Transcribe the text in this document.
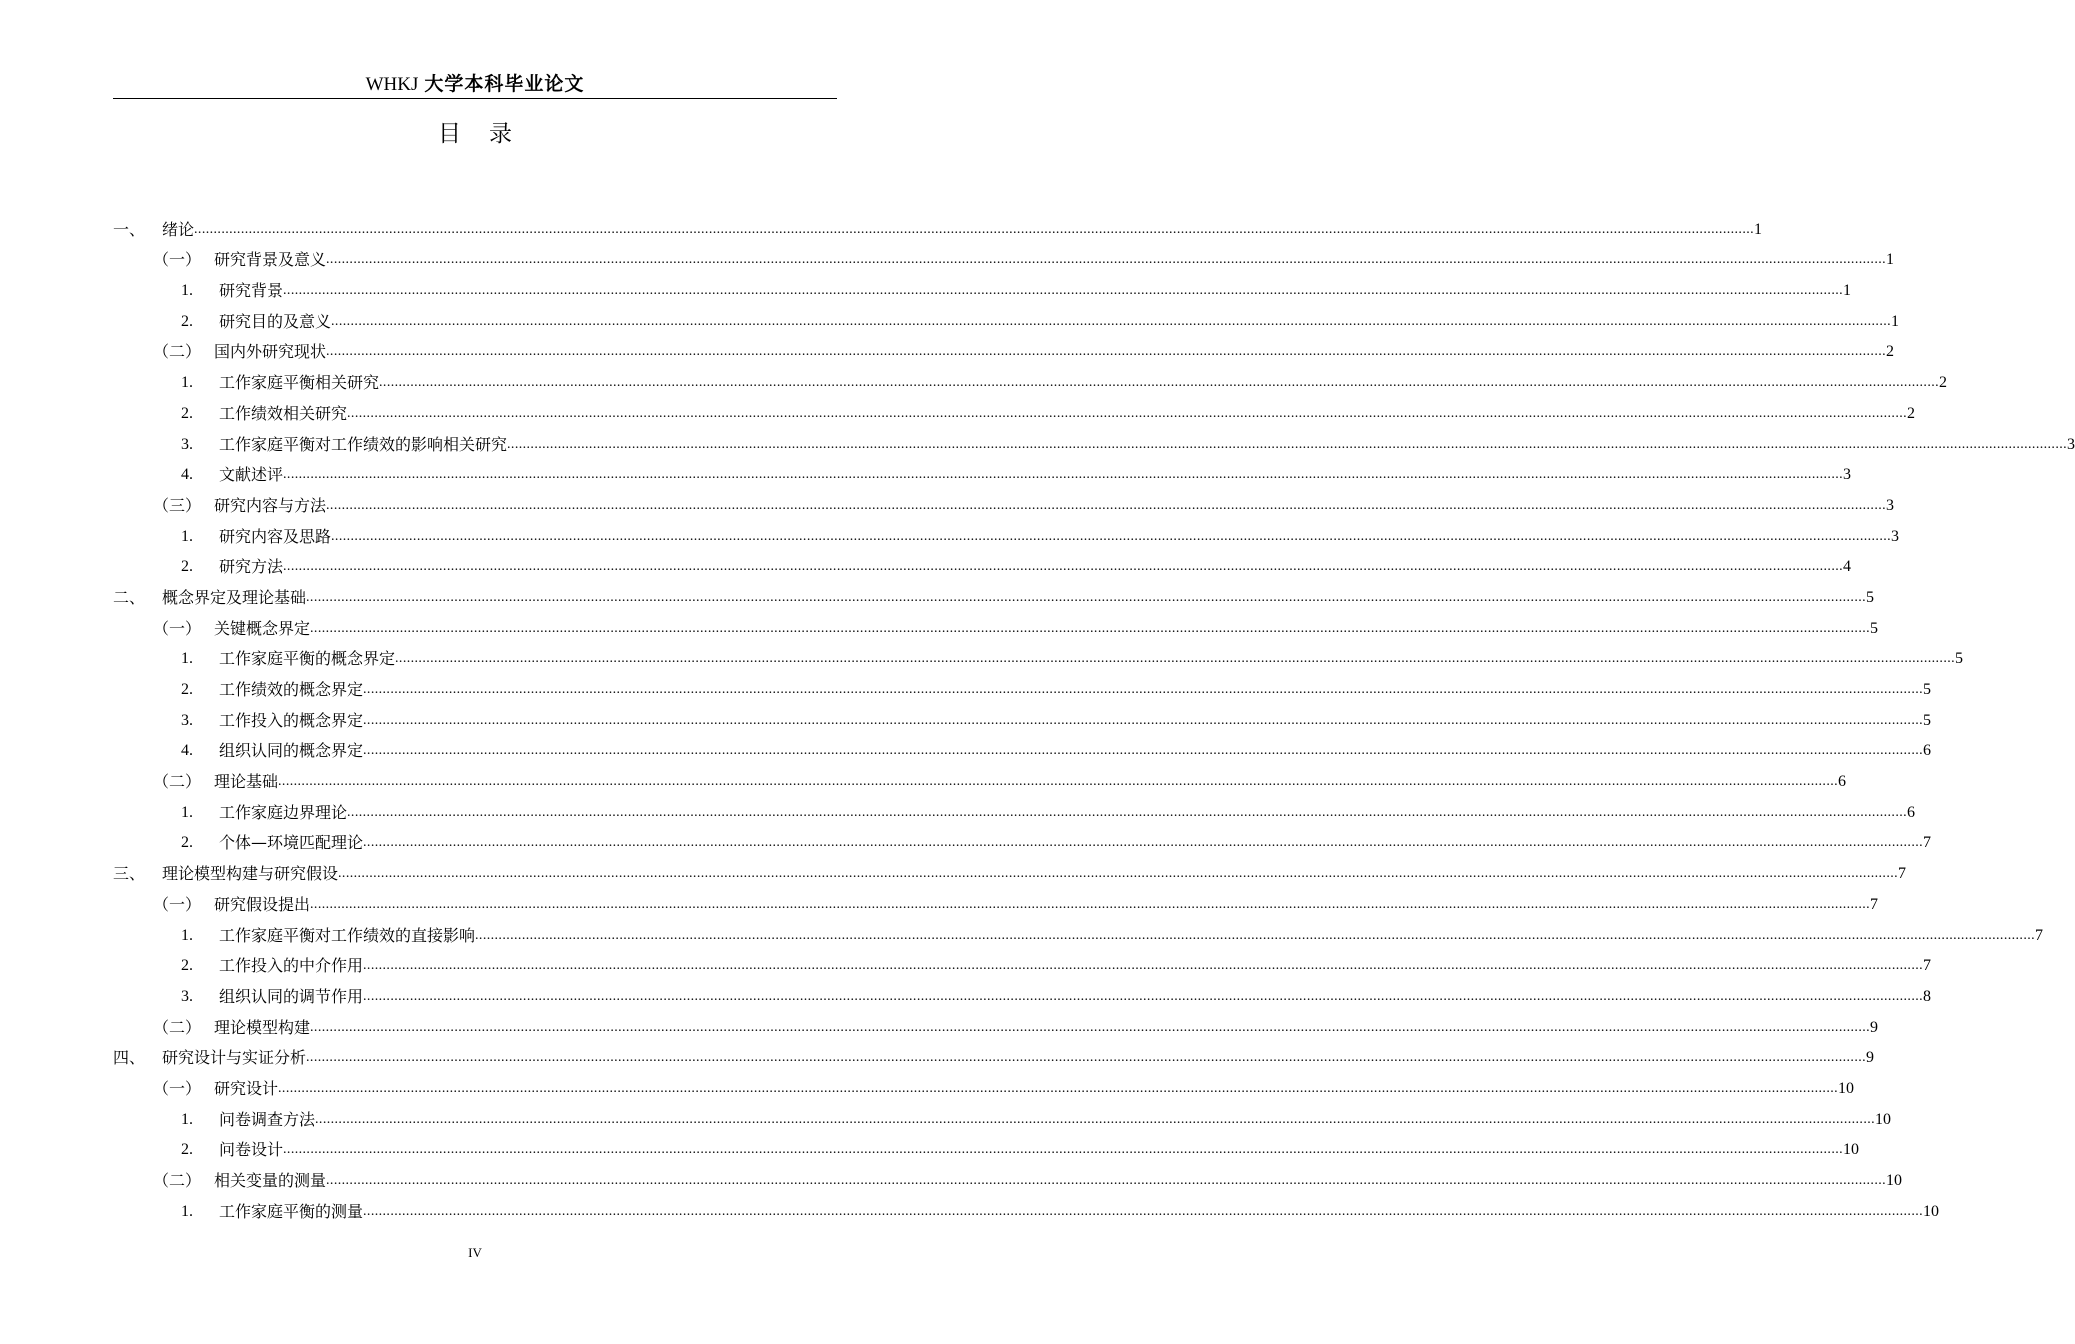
WHKJ 大学本科毕业论文
目录
一、	绪论 ................................................................................................................................................................................................................................................................................................................................................................................................................ 1
（一） 研究背景及意义 ................................................................................................................................................................................................................................................................................................................................................................................................................ 1
1.	研究背景 ................................................................................................................................................................................................................................................................................................................................................................................................................ 1
2.	研究目的及意义 ................................................................................................................................................................................................................................................................................................................................................................................................................ 1
（二） 国内外研究现状 ................................................................................................................................................................................................................................................................................................................................................................................................................ 2
1.	工作家庭平衡相关研究 ................................................................................................................................................................................................................................................................................................................................................................................................................ 2
2.	工作绩效相关研究 ................................................................................................................................................................................................................................................................................................................................................................................................................ 2
3.	工作家庭平衡对工作绩效的影响相关研究 ................................................................................................................................................................................................................................................................................................................................................................................................................ 3
4.	文献述评 ................................................................................................................................................................................................................................................................................................................................................................................................................ 3
（三） 研究内容与方法 ................................................................................................................................................................................................................................................................................................................................................................................................................ 3
1.	研究内容及思路 ................................................................................................................................................................................................................................................................................................................................................................................................................ 3
2.	研究方法 ................................................................................................................................................................................................................................................................................................................................................................................................................ 4
二、	概念界定及理论基础 ................................................................................................................................................................................................................................................................................................................................................................................................................ 5
（一） 关键概念界定 ................................................................................................................................................................................................................................................................................................................................................................................................................ 5
1.	工作家庭平衡的概念界定 ................................................................................................................................................................................................................................................................................................................................................................................................................ 5
2.	工作绩效的概念界定 ................................................................................................................................................................................................................................................................................................................................................................................................................ 5
3.	工作投入的概念界定 ................................................................................................................................................................................................................................................................................................................................................................................................................ 5
4.	组织认同的概念界定 ................................................................................................................................................................................................................................................................................................................................................................................................................ 6
（二） 理论基础 ................................................................................................................................................................................................................................................................................................................................................................................................................ 6
1.	工作家庭边界理论 ................................................................................................................................................................................................................................................................................................................................................................................................................ 6
2.	个体—环境匹配理论 ................................................................................................................................................................................................................................................................................................................................................................................................................ 7
三、	理论模型构建与研究假设 ................................................................................................................................................................................................................................................................................................................................................................................................................ 7
（一） 研究假设提出 ................................................................................................................................................................................................................................................................................................................................................................................................................ 7
1.	工作家庭平衡对工作绩效的直接影响 ................................................................................................................................................................................................................................................................................................................................................................................................................ 7
2.	工作投入的中介作用 ................................................................................................................................................................................................................................................................................................................................................................................................................ 7
3.	组织认同的调节作用 ................................................................................................................................................................................................................................................................................................................................................................................................................ 8
（二） 理论模型构建 ................................................................................................................................................................................................................................................................................................................................................................................................................ 9
四、	研究设计与实证分析 ................................................................................................................................................................................................................................................................................................................................................................................................................ 9
（一） 研究设计 ................................................................................................................................................................................................................................................................................................................................................................................................................ 10
1.	问卷调查方法 ................................................................................................................................................................................................................................................................................................................................................................................................................ 10
2.	问卷设计 ................................................................................................................................................................................................................................................................................................................................................................................................................ 10
（二） 相关变量的测量 ................................................................................................................................................................................................................................................................................................................................................................................................................ 10
1.	工作家庭平衡的测量 ................................................................................................................................................................................................................................................................................................................................................................................................................ 10
IV
